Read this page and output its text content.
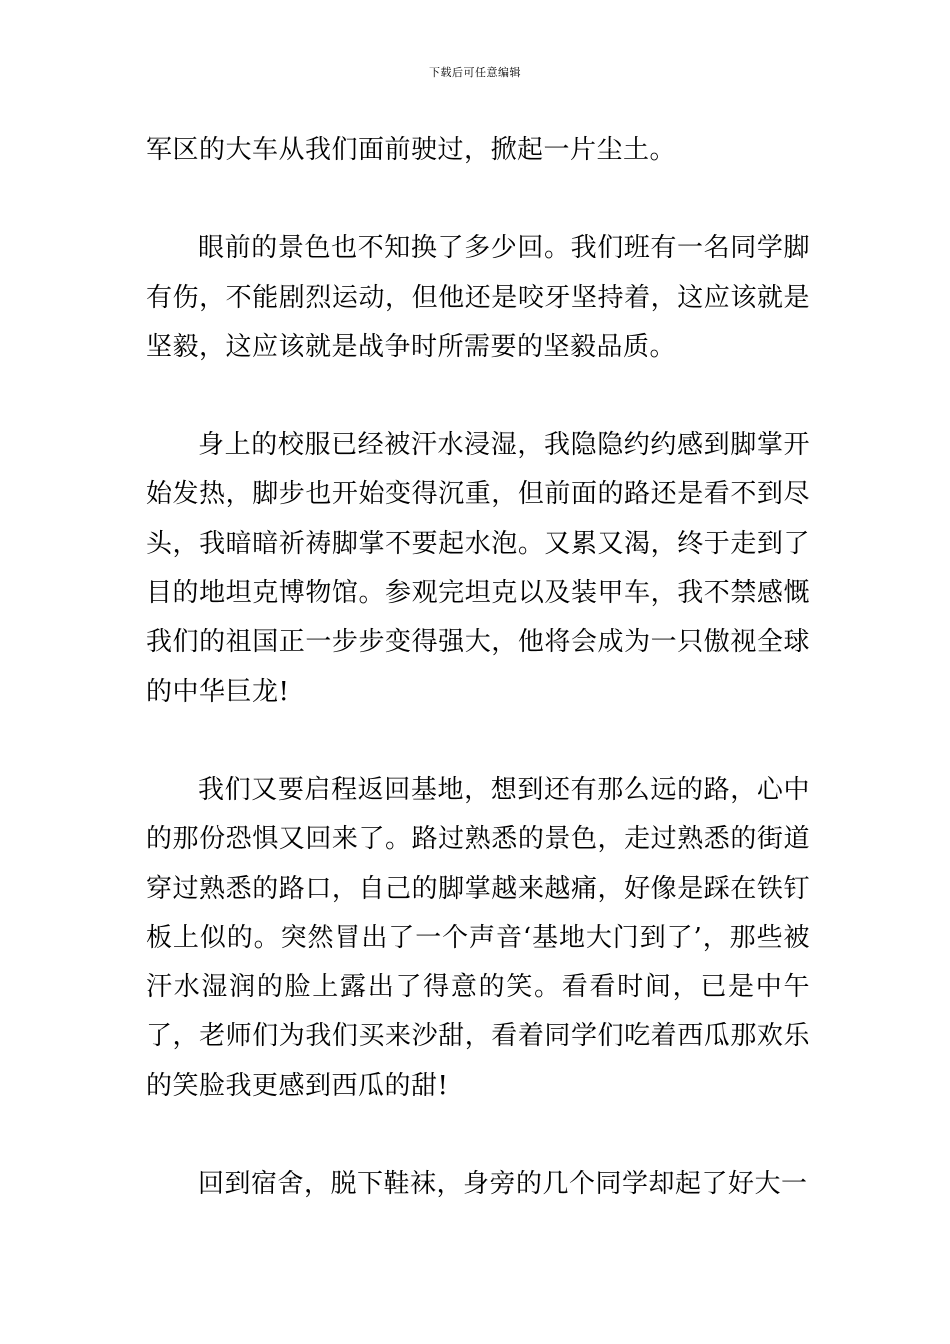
下载后可任意编辑

军区的大车从我们面前驶过，掀起一片尘土。

眼前的景色也不知换了多少回。我们班有一名同学脚有伤，不能剧烈运动，但他还是咬牙坚持着，这应该就是坚毅，这应该就是战争时所需要的坚毅品质。

身上的校服已经被汗水浸湿，我隐隐约约感到脚掌开始发热，脚步也开始变得沉重，但前面的路还是看不到尽头，我暗暗祈祷脚掌不要起水泡。又累又渴，终于走到了目的地坦克博物馆。参观完坦克以及装甲车，我不禁感慨我们的祖国正一步步变得强大，他将会成为一只傲视全球的中华巨龙!

我们又要启程返回基地，想到还有那么远的路，心中的那份恐惧又回来了。路过熟悉的景色，走过熟悉的街道穿过熟悉的路口，自己的脚掌越来越痛，好像是踩在铁钉板上似的。突然冒出了一个声音‘基地大门到了’，那些被汗水湿润的脸上露出了得意的笑。看看时间，已是中午了，老师们为我们买来沙甜，看着同学们吃着西瓜那欢乐的笑脸我更感到西瓜的甜!

回到宿舍，脱下鞋袜，身旁的几个同学却起了好大一
